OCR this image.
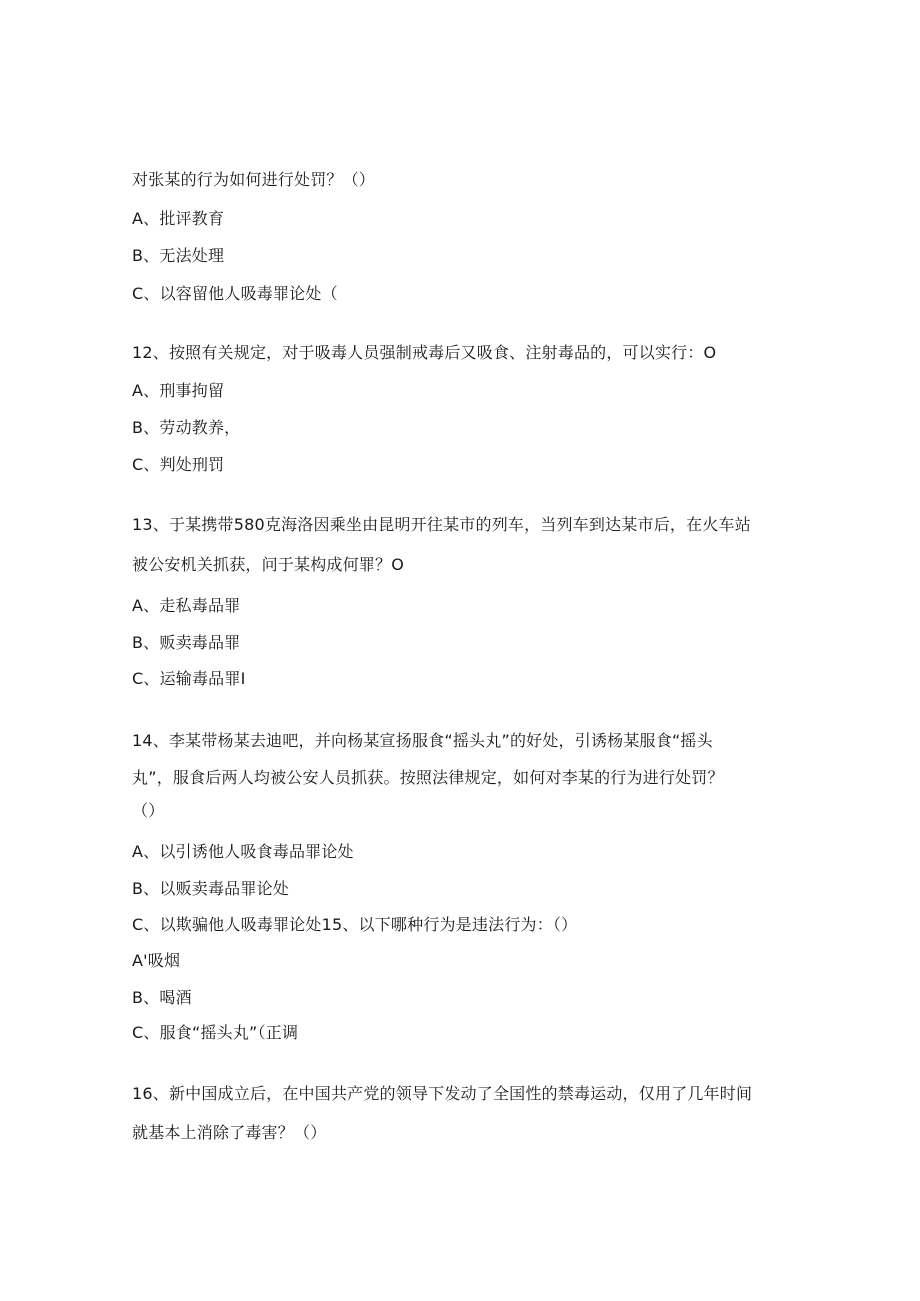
对张某的行为如何进行处罚？（）
A、批评教育
B、无法处理
C、以容留他人吸毒罪论处（
12、按照有关规定，对于吸毒人员强制戒毒后又吸食、注射毒品的，可以实行：O
A、刑事拘留
B、劳动教养，
C、判处刑罚
13、于某携带580克海洛因乘坐由昆明开往某市的列车，当列车到达某市后，在火车站
被公安机关抓获，问于某构成何罪？O
A、走私毒品罪
B、贩卖毒品罪
C、运输毒品罪I
14、李某带杨某去迪吧，并向杨某宣扬服食“摇头丸”的好处，引诱杨某服食“摇头
丸”，服食后两人均被公安人员抓获。按照法律规定，如何对李某的行为进行处罚？
（）
A、以引诱他人吸食毒品罪论处
B、以贩卖毒品罪论处
C、以欺骗他人吸毒罪论处15、以下哪种行为是违法行为：（）
A'吸烟
B、喝酒
C、服食“摇头丸”（正调
16、新中国成立后，在中国共产党的领导下发动了全国性的禁毒运动，仅用了几年时间
就基本上消除了毒害？（）
